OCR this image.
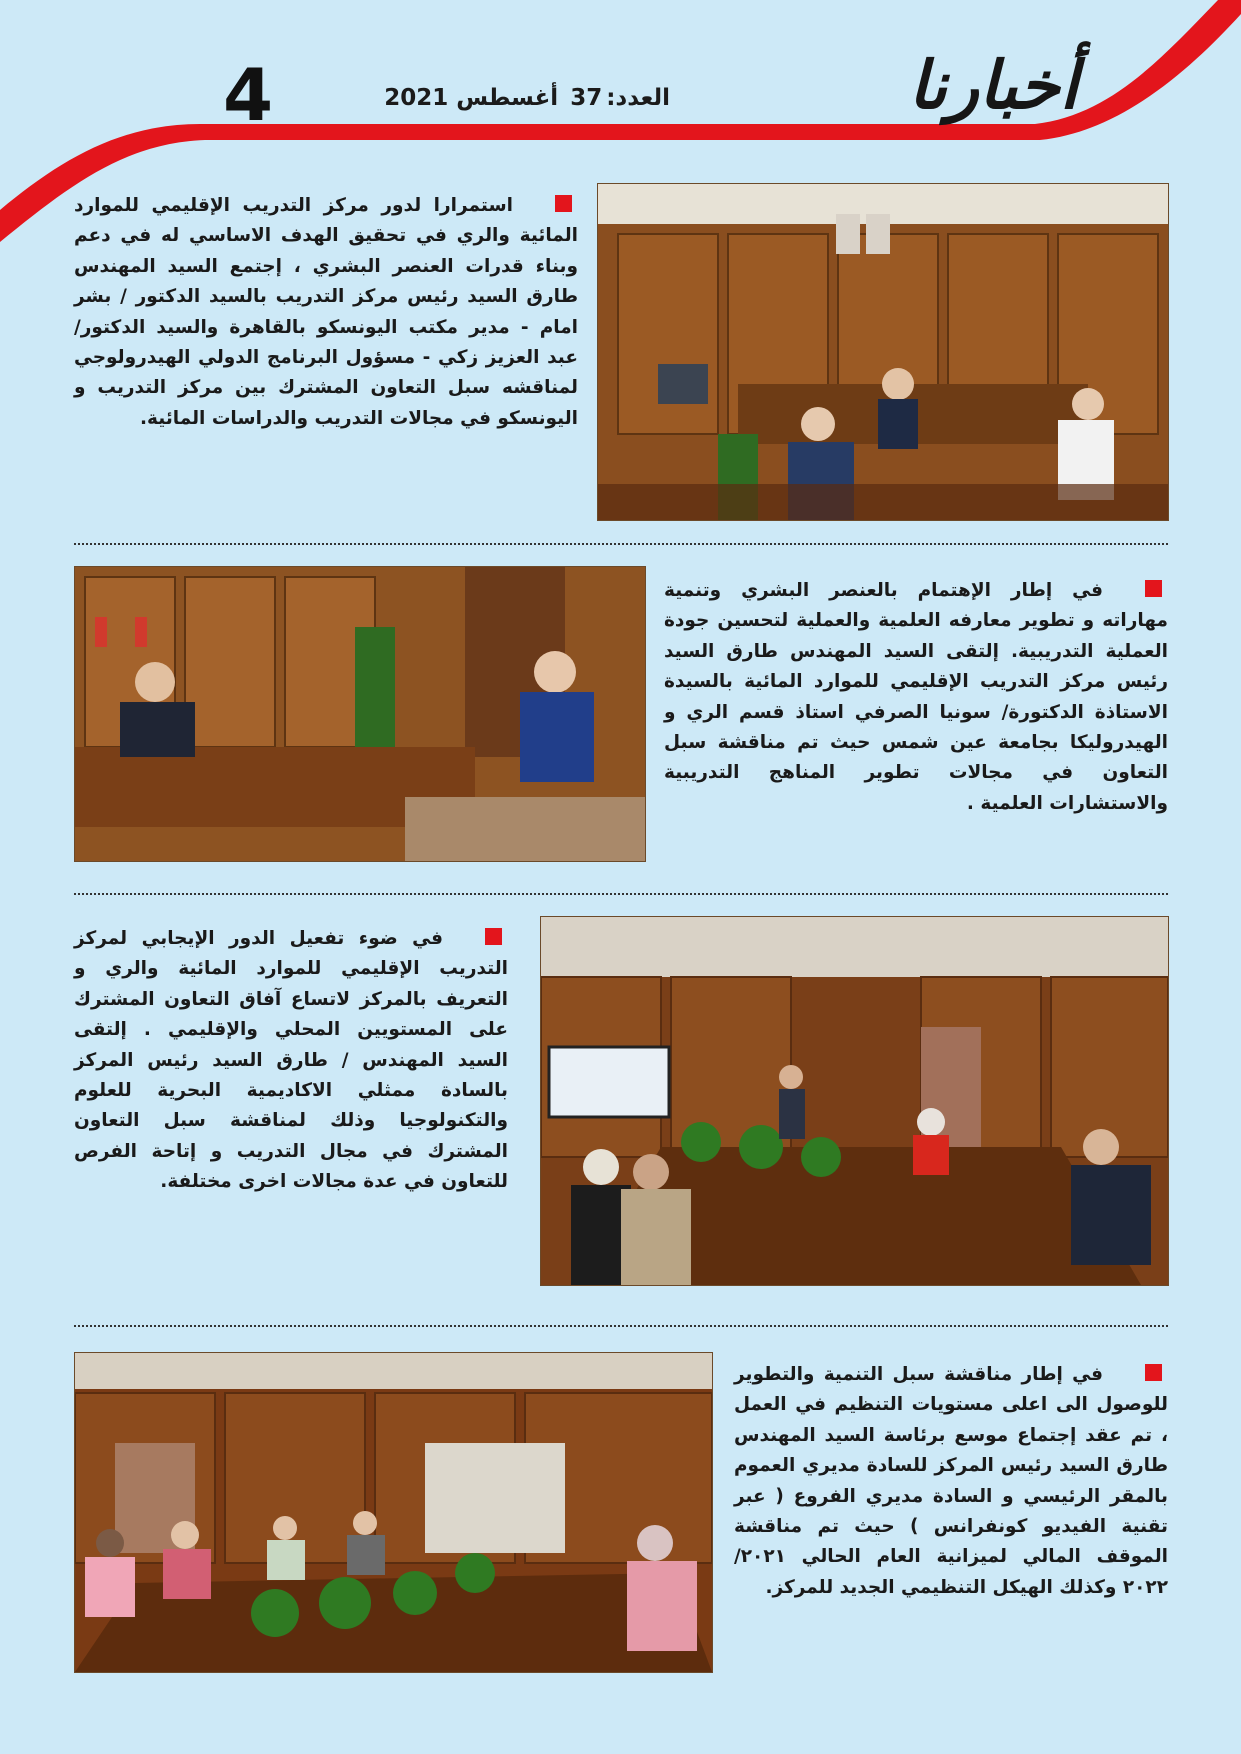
أخبارنا
العدد:37 أغسطس 2021
4
استمرارا لدور مركز التدريب الإقليمي للموارد المائية والري في تحقيق الهدف الاساسي له في دعم وبناء قدرات العنصر البشري ، إجتمع السيد المهندس طارق السيد رئيس مركز التدريب بالسيد الدكتور / بشر امام - مدير مكتب اليونسكو بالقاهرة والسيد الدكتور/ عبد العزيز زكي - مسؤول البرنامج الدولي الهيدرولوجي لمناقشه سبل التعاون المشترك بين مركز التدريب و اليونسكو في مجالات التدريب والدراسات المائية.
في إطار الإهتمام بالعنصر البشري وتنمية مهاراته و تطوير معارفه العلمية والعملية لتحسين جودة العملية التدريبية. إلتقى السيد المهندس طارق السيد رئيس مركز التدريب الإقليمي للموارد المائية بالسيدة الاستاذة الدكتورة/ سونيا الصرفي استاذ قسم الري و الهيدروليكا بجامعة عين شمس حيث تم مناقشة سبل التعاون في مجالات تطوير المناهج التدريبية والاستشارات العلمية .
في ضوء تفعيل الدور الإيجابي لمركز التدريب الإقليمي للموارد المائية والري و التعريف بالمركز لاتساع آفاق التعاون المشترك على المستويين المحلي والإقليمي . إلتقى السيد المهندس / طارق السيد رئيس المركز بالسادة ممثلي الاكاديمية البحرية للعلوم والتكنولوجيا وذلك لمناقشة سبل التعاون المشترك في مجال التدريب و إتاحة الفرص للتعاون في عدة مجالات اخرى مختلفة.
في إطار مناقشة سبل التنمية والتطوير للوصول الى اعلى مستويات التنظيم في العمل ، تم عقد إجتماع موسع برئاسة السيد المهندس طارق السيد رئيس المركز للسادة مديري العموم بالمقر الرئيسي و السادة مديري الفروع ( عبر تقنية الفيديو كونفرانس ) حيث تم مناقشة الموقف المالي لميزانية العام الحالي ٢٠٢١/ ٢٠٢٢ وكذلك الهيكل التنظيمي الجديد للمركز.
